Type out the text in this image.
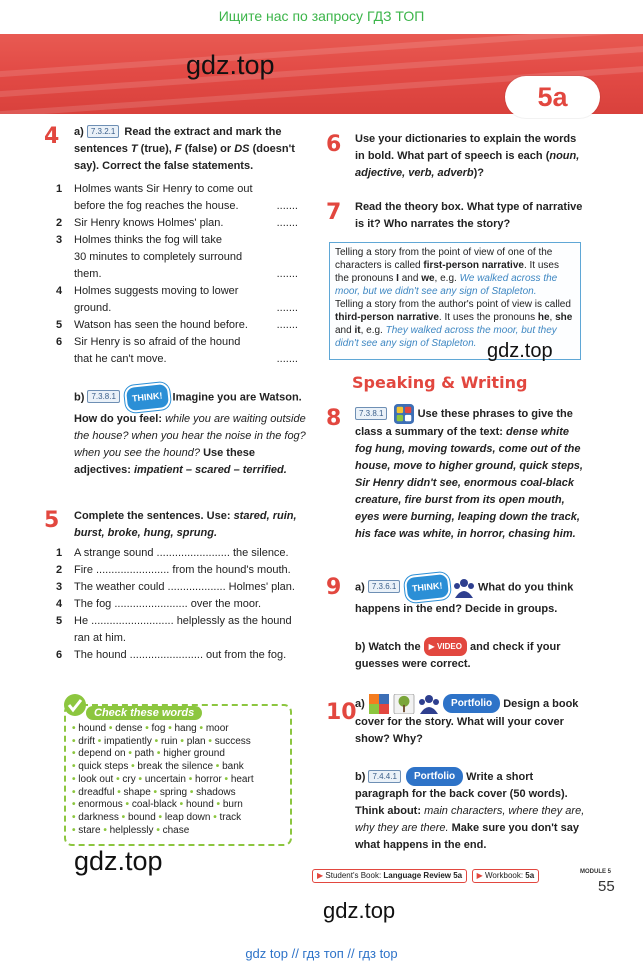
Ищите нас по запросу ГДЗ ТОП
gdz.top
5a
4 a) 7.3.2.1 Read the extract and mark the sentences T (true), F (false) or DS (doesn't say). Correct the false statements.
1 Holmes wants Sir Henry to come out
before the fog reaches the house.	.......
2 Sir Henry knows Holmes' plan.	.......
3 Holmes thinks the fog will take
30 minutes to completely surround
them.	.......
4 Holmes suggests moving to lower
ground.	.......
5 Watson has seen the hound before.	.......
6 Sir Henry is so afraid of the hound
that he can't move.	.......
b) 7.3.8.1 THINK! Imagine you are Watson. How do you feel: while you are waiting outside the house? when you hear the noise in the fog? when you see the hound? Use these adjectives: impatient – scared – terrified.
5 Complete the sentences. Use: stared, ruin, burst, broke, hung, sprung.
1 A strange sound ........................ the silence.
2 Fire ........................ from the hound's mouth.
3 The weather could ................... Holmes' plan.
4 The fog ........................ over the moor.
5 He ........................... helplessly as the hound
ran at him.
6 The hound ........................ out from the fog.
Check these words
• hound • dense • fog • hang • moor
• drift • impatiently • ruin • plan • success
• depend on • path • higher ground
• quick steps • break the silence • bank
• look out • cry • uncertain • horror • heart
• dreadful • shape • spring • shadows
• enormous • coal-black • hound • burn
• darkness • bound • leap down • track
• stare • helplessly • chase
gdz.top
6 Use your dictionaries to explain the words in bold. What part of speech is each (noun, adjective, verb, adverb)?
7 Read the theory box. What type of narrative is it? Who narrates the story?
Telling a story from the point of view of one of the characters is called first-person narrative. It uses the pronouns I and we, e.g. We walked across the moor, but we didn't see any sign of Stapleton.
Telling a story from the author's point of view is called third-person narrative. It uses the pronouns he, she and it, e.g. They walked across the moor, but they didn't see any sign of Stapleton. gdz.top
Speaking & Writing
8	7.3.8.1	Use these phrases to give the class a summary of the text: dense white fog hung, moving towards, come out of the house, move to higher ground, quick steps, Sir Henry didn't see, enormous coal-black creature, fire burst from its open mouth, eyes were burning, leaping down the track, his face was white, in horror, chasing him.
9 a) 7.3.6.1 THINK!	What do you think happens in the end? Decide in groups.
b) Watch the ▶ VIDEO and check if your guesses were correct.
10
a)	Portfolio Design a book cover for the story. What will your cover show? Why?
b) 7.4.4.1 Portfolio Write a short paragraph for the back cover (50 words). Think about: main characters, where they are, why they are there. Make sure you don't say what happens in the end.
▶ Student's Book: Language Review 5a ▶ Workbook: 5a	MODULE 5
55
gdz.top
gdz top // гдз топ // гдз top
